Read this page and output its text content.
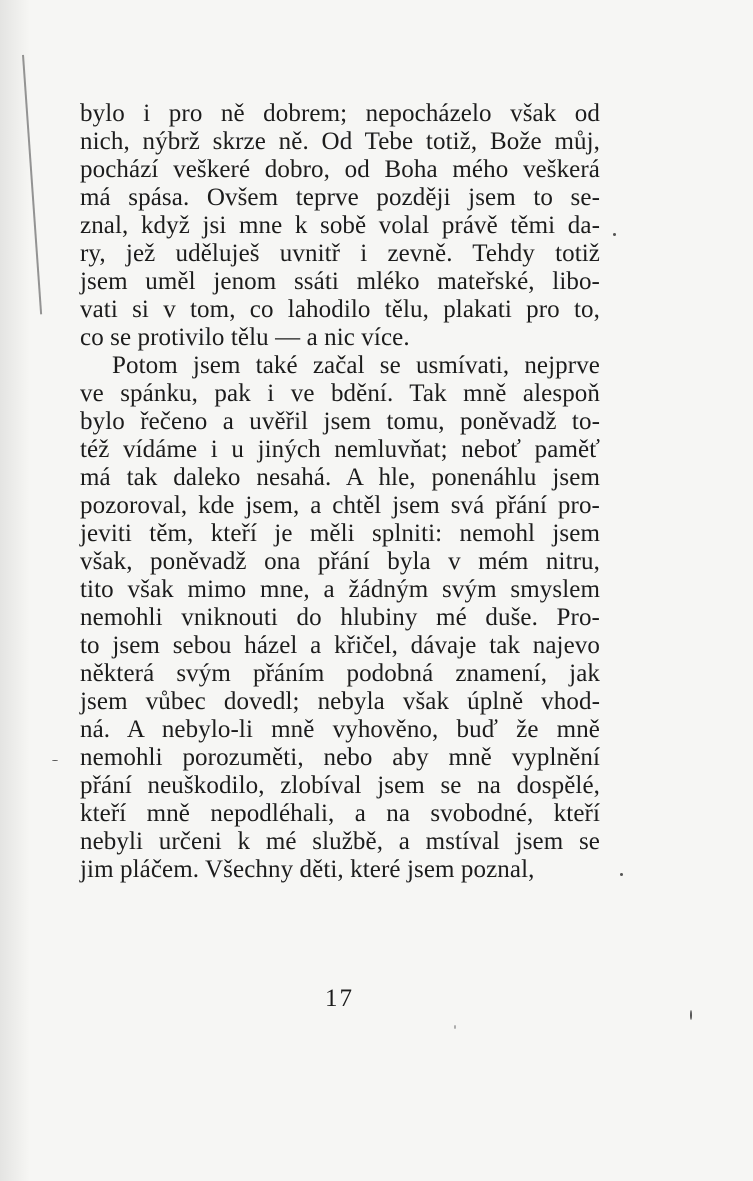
bylo i pro ně dobrem; nepocházelo však od
nich, nýbrž skrze ně. Od Tebe totiž, Bože můj,
pochází veškeré dobro, od Boha mého veškerá
má spása. Ovšem teprve později jsem to se-
znal, když jsi mne k sobě volal právě těmi da-
ry, jež uděluješ uvnitř i zevně. Tehdy totiž
jsem uměl jenom ssáti mléko mateřské, libo-
vati si v tom, co lahodilo tělu, plakati pro to,
co se protivilo tělu — a nic více.
Potom jsem také začal se usmívati, nejprve
ve spánku, pak i ve bdění. Tak mně alespoň
bylo řečeno a uvěřil jsem tomu, poněvadž to-
též vídáme i u jiných nemluvňat; neboť paměť
má tak daleko nesahá. A hle, ponenáhlu jsem
pozoroval, kde jsem, a chtěl jsem svá přání pro-
jeviti těm, kteří je měli splniti: nemohl jsem
však, poněvadž ona přání byla v mém nitru,
tito však mimo mne, a žádným svým smyslem
nemohli vniknouti do hlubiny mé duše. Pro-
to jsem sebou házel a křičel, dávaje tak najevo
některá svým přáním podobná znamení, jak
jsem vůbec dovedl; nebyla však úplně vhod-
ná. A nebylo-li mně vyhověno, buď že mně
nemohli porozuměti, nebo aby mně vyplnění
přání neuškodilo, zlobíval jsem se na dospělé,
kteří mně nepodléhali, a na svobodné, kteří
nebyli určeni k mé službě, a mstíval jsem se
jim pláčem. Všechny děti, které jsem poznal,
17
